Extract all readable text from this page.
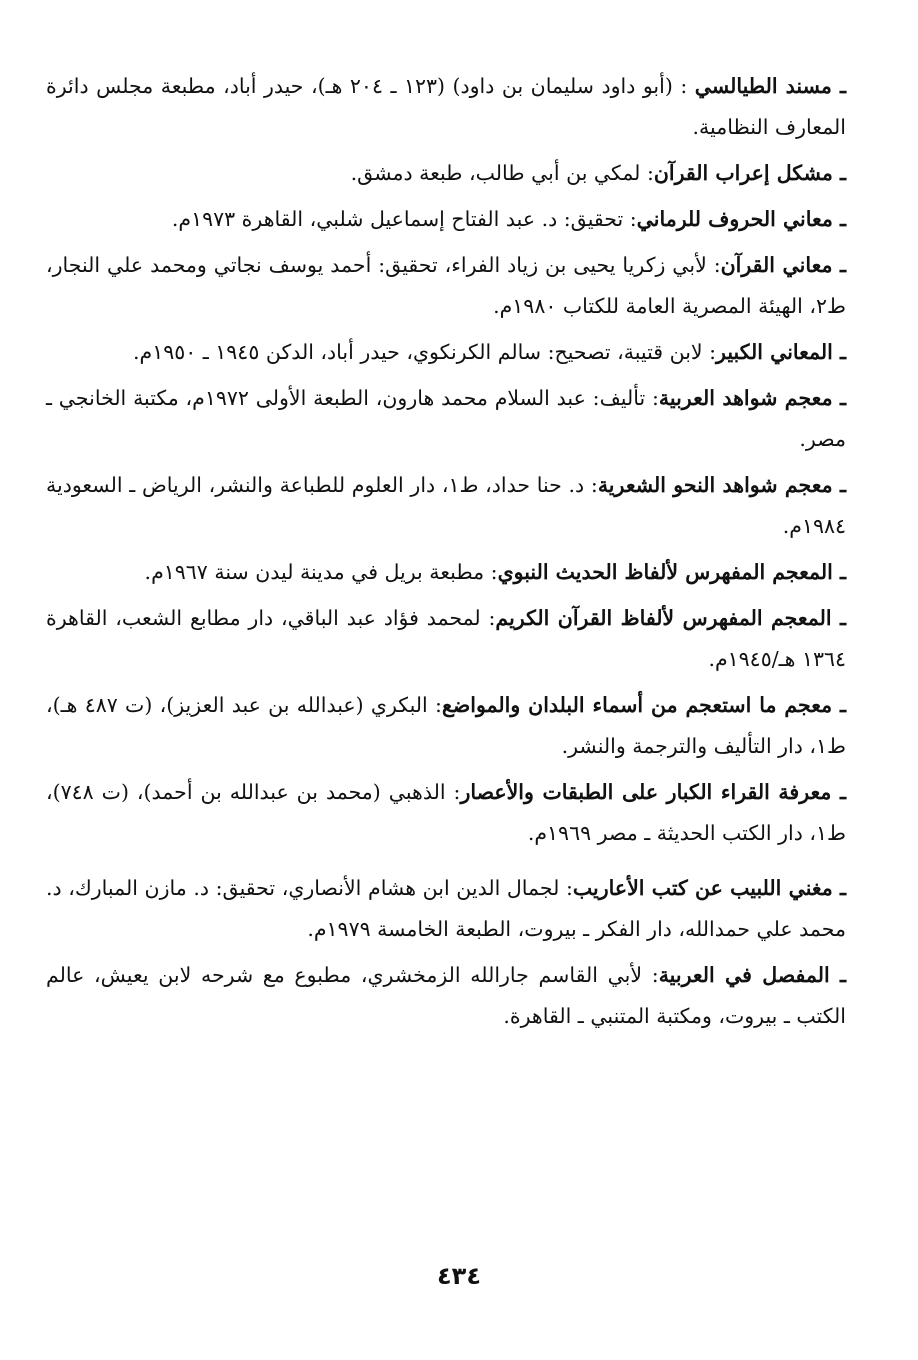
ـ مسند الطيالسي : (أبو داود سليمان بن داود) (١٢٣ ـ ٢٠٤ هـ)، حيدر أباد، مطبعة مجلس دائرة المعارف النظامية.

ـ مشكل إعراب القرآن: لمكي بن أبي طالب، طبعة دمشق.

ـ معاني الحروف للرماني: تحقيق: د. عبد الفتاح إسماعيل شلبي، القاهرة ١٩٧٣م.

ـ معاني القرآن: لأبي زكريا يحيى بن زياد الفراء، تحقيق: أحمد يوسف نجاتي ومحمد علي النجار، ط٢، الهيئة المصرية العامة للكتاب ١٩٨٠م.

ـ المعاني الكبير: لابن قتيبة، تصحيح: سالم الكرنكوي، حيدر أباد، الدكن ١٩٤٥ ـ ١٩٥٠م.

ـ معجم شواهد العربية: تأليف: عبد السلام محمد هارون، الطبعة الأولى ١٩٧٢م، مكتبة الخانجي ـ مصر.

ـ معجم شواهد النحو الشعرية: د. حنا حداد، ط١، دار العلوم للطباعة والنشر، الرياض ـ السعودية ١٩٨٤م.

ـ المعجم المفهرس لألفاظ الحديث النبوي: مطبعة بريل في مدينة ليدن سنة ١٩٦٧م.

ـ المعجم المفهرس لألفاظ القرآن الكريم: لمحمد فؤاد عبد الباقي، دار مطابع الشعب، القاهرة ١٣٦٤ هـ/١٩٤٥م.

ـ معجم ما استعجم من أسماء البلدان والمواضع: البكري (عبدالله بن عبد العزيز)، (ت ٤٨٧ هـ)، ط١، دار التأليف والترجمة والنشر.

ـ معرفة القراء الكبار على الطبقات والأعصار: الذهبي (محمد بن عبدالله بن أحمد)، (ت ٧٤٨)، ط١، دار الكتب الحديثة ـ مصر ١٩٦٩م.

ـ مغني اللبيب عن كتب الأعاريب: لجمال الدين ابن هشام الأنصاري، تحقيق: د. مازن المبارك، د. محمد علي حمدالله، دار الفكر ـ بيروت، الطبعة الخامسة ١٩٧٩م.

ـ المفصل في العربية: لأبي القاسم جارالله الزمخشري، مطبوع مع شرحه لابن يعيش، عالم الكتب ـ بيروت، ومكتبة المتنبي ـ القاهرة.

٤٣٤
